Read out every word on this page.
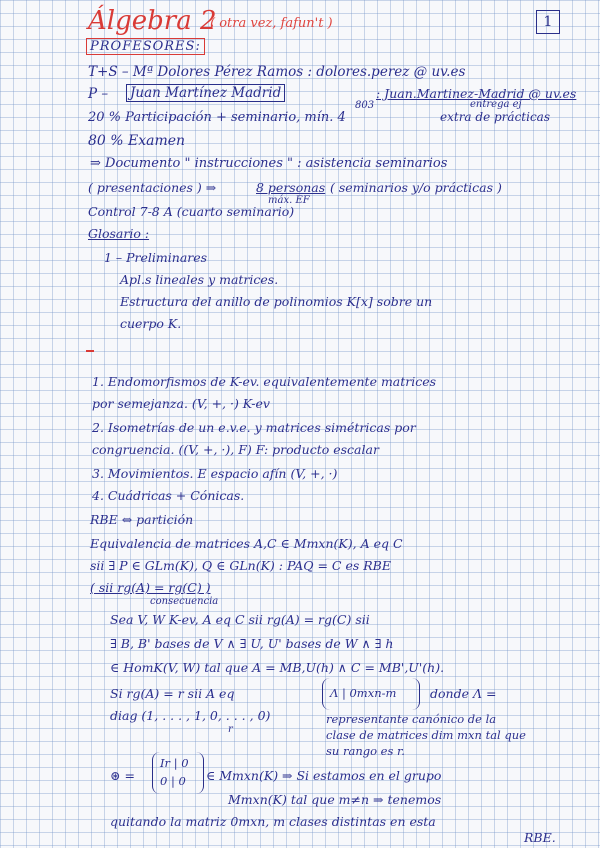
Álgebra 2
( otra vez, fafun't )	1
PROFESORES:
T+S – Mª Dolores Pérez Ramos : dolores.perez @ uv.es
P – Juan Martínez Madrid
803
: Juan.Martinez-Madrid @ uv.es
entrega ej
20 % Participación + seminario, mín. 4	extra de prácticas
80 % Examen
⇒ Documento " instrucciones " : asistencia seminarios
( presentaciones ) ⇒	8 personas ( seminarios y/o prácticas )
máx. EF
Control 7-8 A (cuarto seminario)
Glosario :
1 – Preliminares
Apl.s lineales y matrices.
Estructura del anillo de polinomios K[x] sobre un
cuerpo K.
1. Endomorfismos de K-ev. equivalentemente matrices
por semejanza. (V, +, ·) K-ev
2. Isometrías de un e.v.e. y matrices simétricas por
congruencia. ((V, +, ·), F) F: producto escalar
3. Movimientos. E espacio afín (V, +, ·)
4. Cuádricas + Cónicas.
RBE ⇔ partición
Equivalencia de matrices A,C ∈ Mmxn(K), A eq C
sii ∃ P ∈ GLm(K), Q ∈ GLn(K) : PAQ = C es RBE
( sii rg(A) = rg(C) )
consecuencia
Sea V, W K-ev, A eq C sii rg(A) = rg(C) sii
∃ B, B' bases de V ∧ ∃ U, U' bases de W ∧ ∃ h
∈ HomK(V, W) tal que A = MB,U(h) ∧ C = MB',U'(h).
Si rg(A) = r sii A eq	Λ | 0mxn-m	donde Λ =
diag (1, . . . , 1, 0, . . . , 0)
r
representante canónico de la
clase de matrices dim mxn tal que
su rango es r.
⊛ =
Ir | 0
0 | 0 ∈ Mmxn(K) ⇒ Si estamos en el grupo
Mmxn(K) tal que m≠n ⇒ tenemos
quitando la matriz 0mxn, m clases distintas en esta
RBE.
